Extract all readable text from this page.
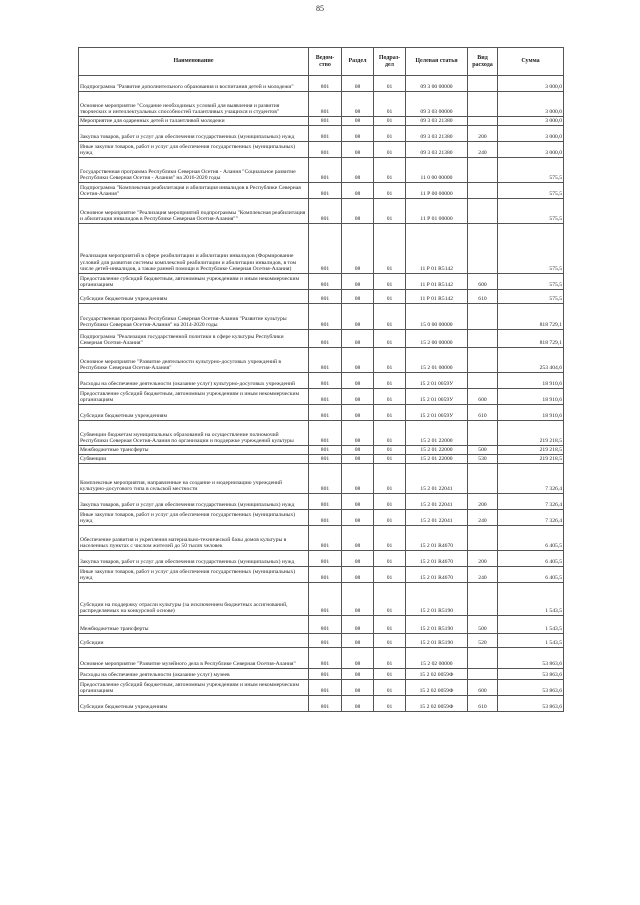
85
Наименование	Ведом-ство	Раздел	Подраз-дел	Целевая статья	Вид расхода	Сумма
Подпрограмма "Развитие дополнительного образования и воспитания детей и молодежи"	801	08	01	09 3 00 00000		3 000,0
Основное мероприятие "Создание необходимых условий для выявления и развития творческих и интеллектуальных способностей талантливых учащихся и студентов"	801	08	01	09 3 03 00000		3 000,0
Мероприятие для одаренных детей и талантливой молодежи	801	08	01	09 3 03 21380		3 000,0
Закупка товаров, работ и услуг для обеспечения государственных (муниципальных) нужд	801	08	01	09 3 03 21380	200	3 000,0
Иные закупки товаров, работ и услуг для обеспечения государственных (муниципальных) нужд	801	08	01	09 3 03 21380	240	3 000,0
Государственная программа Республики Северная Осетия - Алания "Социальное развитие Республики Северная Осетия - Алания" на 2016-2020 годы	801	08	01	11 0 00 00000		575,5
Подпрограмма "Комплексная реабилитация и абилитация инвалидов в Республике Северная Осетия-Алания"	801	08	01	11 Р 00 00000		575,5
Основное мероприятие "Реализация мероприятий подпрограммы "Комплексная реабилитация и абилитация инвалидов в Республике Северная Осетия-Алания""	801	08	01	11 Р 01 00000		575,5
Реализация мероприятий в сфере реабилитации и абилитации инвалидов (Формирование условий для развития системы комплексной реабилитации и абилитации инвалидов, в том числе детей-инвалидов, а также ранней помощи в Республике Северная Осетия-Алания)	801	08	01	11 Р 01 R5142		575,5
Предоставление субсидий бюджетным, автономным учреждениям и иным некоммерческим организациям	801	08	01	11 Р 01 R5142	600	575,5
Субсидии бюджетным учреждениям	801	08	01	11 Р 01 R5142	610	575,5
Государственная программа Республики Северная Осетия-Алания "Развитие культуры Республики Северная Осетия-Алания" на 2014-2020 годы	801	08	01	15 0 00 00000		818 729,1
Подпрограмма "Реализация государственной политики в сфере культуры Республики Северная Осетия-Алания"	801	08	01	15 2 00 00000		818 729,1
Основное мероприятие "Развитие деятельности культурно-досуговых учреждений в Республике Северная Осетия-Алания"	801	08	01	15 2 01 00000		253 404,6
Расходы на обеспечение деятельности (оказание услуг) культурно-досуговых учреждений	801	08	01	15 2 01 0059У		18 910,6
Предоставление субсидий бюджетным, автономным учреждениям и иным некоммерческим организациям	801	08	01	15 2 01 0059У	600	18 910,6
Субсидии бюджетным учреждениям	801	08	01	15 2 01 0059У	610	18 910,6
Субвенции бюджетам муниципальных образований на осуществление полномочий Республики Северная Осетия-Алания по организации и поддержке учреждений культуры	801	08	01	15 2 01 22000		219 218,5
Межбюджетные трансферты	801	08	01	15 2 01 22000	500	219 218,5
Субвенции	801	08	01	15 2 01 22000	530	219 218,5
Комплексные мероприятия, направленные на создание и модернизацию учреждений культурно-досугового типа в сельской местности	801	08	01	15 2 01 22041		7 326,4
Закупка товаров, работ и услуг для обеспечения государственных (муниципальных) нужд	801	08	01	15 2 01 22041	200	7 326,4
Иные закупки товаров, работ и услуг для обеспечения государственных (муниципальных) нужд	801	08	01	15 2 01 22041	240	7 326,4
Обеспечение развития и укрепления материально-технической базы домов культуры в населенных пунктах с числом жителей до 50 тысяч человек	801	08	01	15 2 01 R4670		6 405,5
Закупка товаров, работ и услуг для обеспечения государственных (муниципальных) нужд	801	08	01	15 2 01 R4670	200	6 405,5
Иные закупки товаров, работ и услуг для обеспечения государственных (муниципальных) нужд	801	08	01	15 2 01 R4670	240	6 405,5
Субсидии на поддержку отрасли культуры (за исключением бюджетных ассигнований, распределяемых на конкурсной основе)	801	08	01	15 2 01 R5190		1 543,5
Межбюджетные трансферты	801	08	01	15 2 01 R5190	500	1 543,5
Субсидии	801	08	01	15 2 01 R5190	520	1 543,5
Основное мероприятие "Развитие музейного дела в Республике Северная Осетия-Алания"	801	08	01	15 2 02 00000		53 863,6
Расходы на обеспечение деятельности (оказание услуг) музеев	801	08	01	15 2 02 0059Ф		53 863,6
Предоставление субсидий бюджетным, автономным учреждениям и иным некоммерческим организациям	801	08	01	15 2 02 0059Ф	600	53 863,6
Субсидии бюджетным учреждениям	801	08	01	15 2 02 0059Ф	610	53 863,6
